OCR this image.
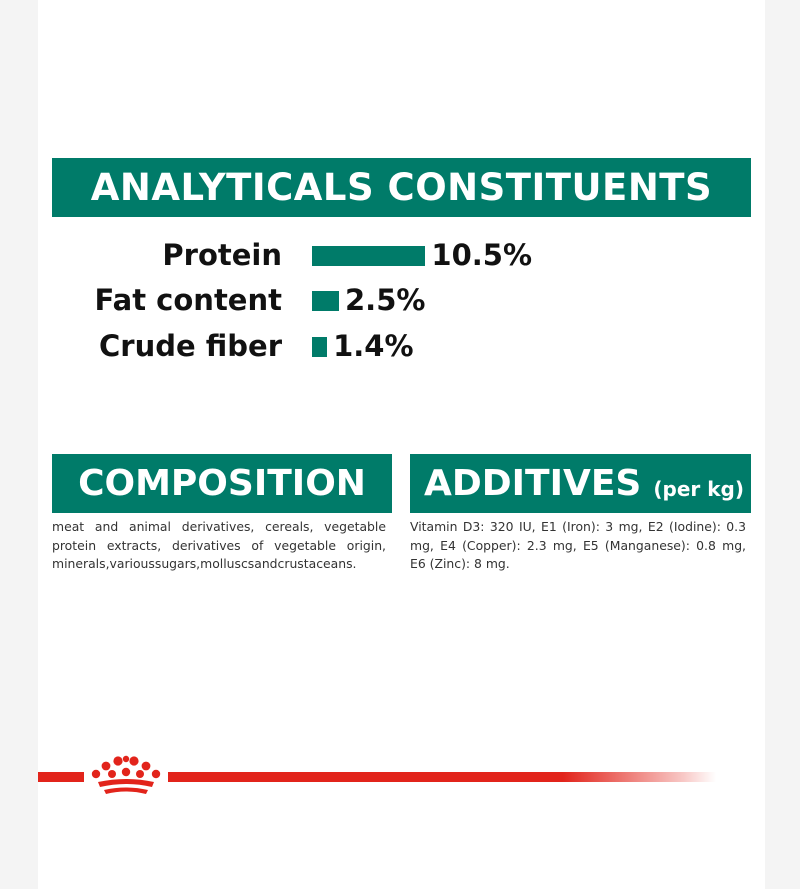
ANALYTICALS CONSTITUENTS
Protein	10.5%
Fat content 2.5%
Crude fiber 1.4%
COMPOSITION ADDITIVES (per kg)
meat and animal derivatives, cereals, vegetable protein extracts, derivatives of vegetable origin, minerals,varioussugars,molluscsandcrustaceans.
Vitamin D3: 320 IU, E1 (Iron): 3 mg, E2 (Iodine): 0.3 mg, E4 (Copper): 2.3 mg, E5 (Manganese): 0.8 mg, E6 (Zinc): 8 mg.
